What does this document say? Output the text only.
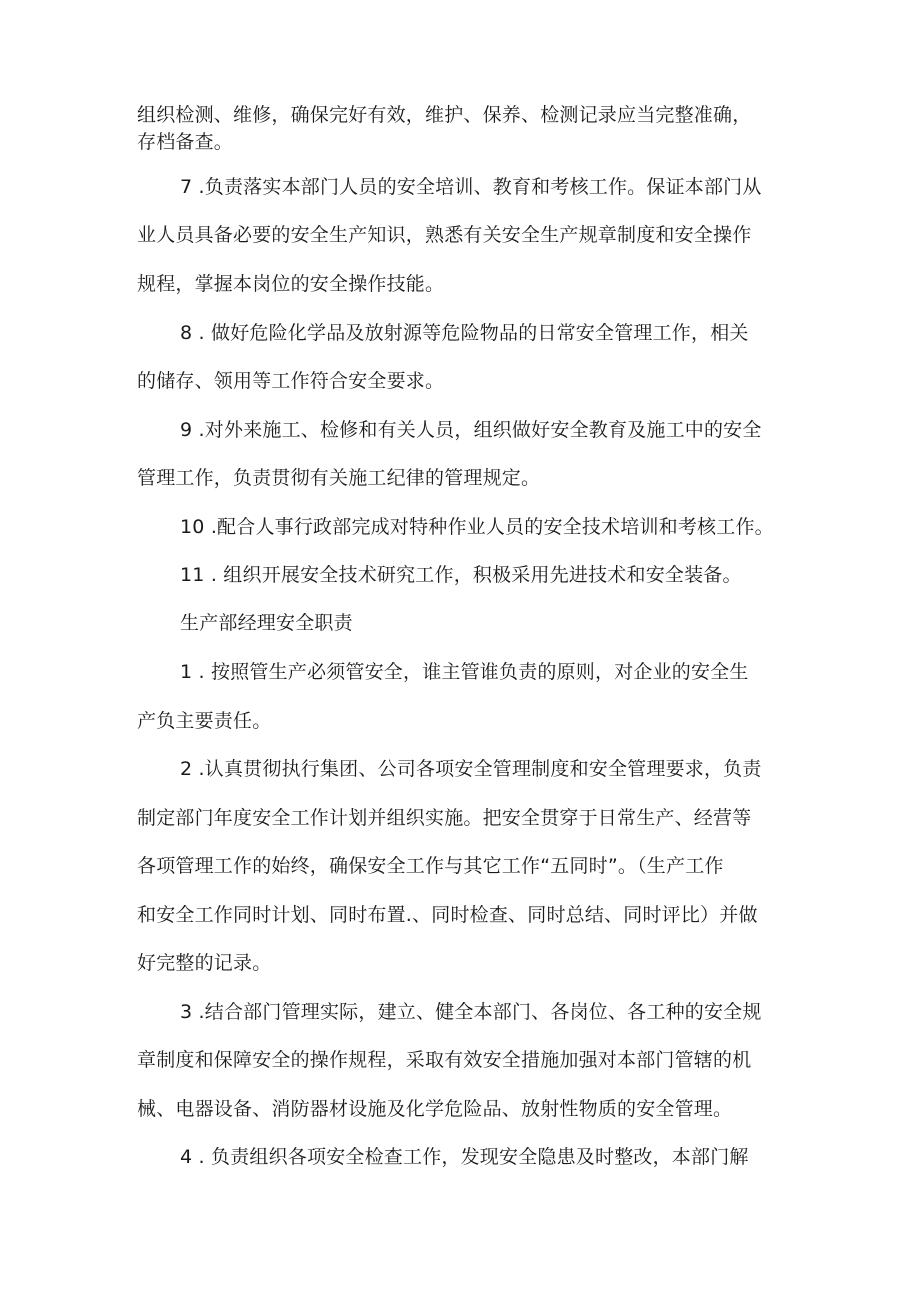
组织检测、维修，确保完好有效，维护、保养、检测记录应当完整准确，
存档备查。
7 .负责落实本部门人员的安全培训、教育和考核工作。保证本部门从
业人员具备必要的安全生产知识，熟悉有关安全生产规章制度和安全操作
规程，掌握本岗位的安全操作技能。
8 . 做好危险化学品及放射源等危险物品的日常安全管理工作，相关
的储存、领用等工作符合安全要求。
9 .对外来施工、检修和有关人员，组织做好安全教育及施工中的安全
管理工作，负责贯彻有关施工纪律的管理规定。
10 .配合人事行政部完成对特种作业人员的安全技术培训和考核工作。
11 . 组织开展安全技术研究工作，积极采用先进技术和安全装备。
生产部经理安全职责
1 . 按照管生产必须管安全，谁主管谁负责的原则，对企业的安全生
产负主要责任。
2 .认真贯彻执行集团、公司各项安全管理制度和安全管理要求，负责
制定部门年度安全工作计划并组织实施。把安全贯穿于日常生产、经营等
各项管理工作的始终，确保安全工作与其它工作“五同时”。（生产工作
和安全工作同时计划、同时布置.、同时检查、同时总结、同时评比）并做
好完整的记录。
3 .结合部门管理实际，建立、健全本部门、各岗位、各工种的安全规
章制度和保障安全的操作规程，采取有效安全措施加强对本部门管辖的机
械、电器设备、消防器材设施及化学危险品、放射性物质的安全管理。
4 . 负责组织各项安全检查工作，发现安全隐患及时整改，本部门解
